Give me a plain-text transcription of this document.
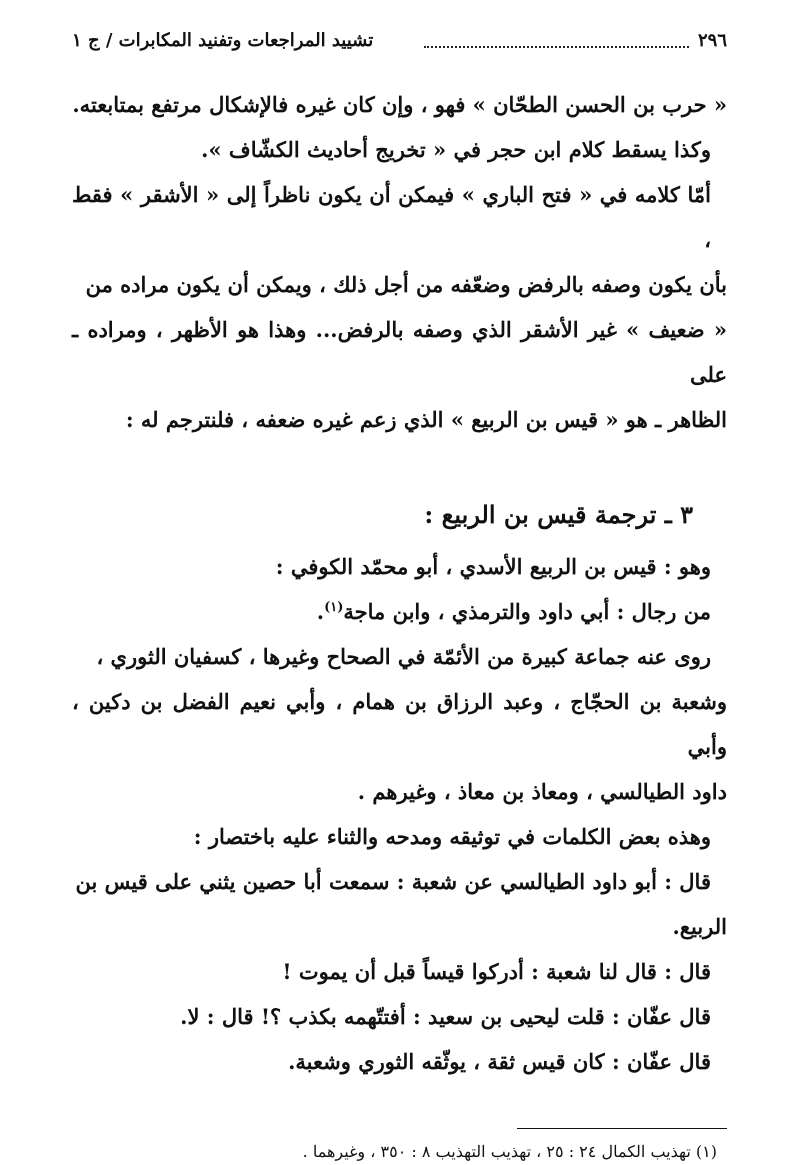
٢٩٦
تشييد المراجعات وتفنيد المكابرات / ج ١

« حرب بن الحسن الطحّان » فهو ، وإن كان غيره فالإشكال مرتفع بمتابعته.

وكذا يسقط كلام ابن حجر في « تخريج أحاديث الكشّاف ».

أمّا كلامه في « فتح الباري » فيمكن أن يكون ناظراً إلى « الأشقر » فقط ،

بأن يكون وصفه بالرفض وضعّفه من أجل ذلك ، ويمكن أن يكون مراده من

« ضعيف » غير الأشقر الذي وصفه بالرفض... وهذا هو الأظهر ، ومراده ـ على

الظاهر ـ هو « قيس بن الربيع » الذي زعم غيره ضعفه ، فلنترجم له :

٣ ـ ترجمة قيس بن الربيع :

وهو : قيس بن الربيع الأسدي ، أبو محمّد الكوفي :

من رجال : أبي داود والترمذي ، وابن ماجة$^{(١)}$.

روى عنه جماعة كبيرة من الأئمّة في الصحاح وغيرها ، كسفيان الثوري ،

وشعبة بن الحجّاج ، وعبد الرزاق بن همام ، وأبي نعيم الفضل بن دكين ، وأبي

داود الطيالسي ، ومعاذ بن معاذ ، وغيرهم .

وهذه بعض الكلمات في توثيقه ومدحه والثناء عليه باختصار :

قال : أبو داود الطيالسي عن شعبة : سمعت أبا حصين يثني على قيس بن

الربيع.

قال : قال لنا شعبة : أدركوا قيساً قبل أن يموت !

قال عفّان : قلت ليحيى بن سعيد : أفتتّهمه بكذب ؟! قال : لا.

قال عفّان : كان قيس ثقة ، يوثّقه الثوري وشعبة.

(١) تهذيب الكمال ٢٤ : ٢٥ ، تهذيب التهذيب ٨ : ٣٥٠ ، وغيرهما .
